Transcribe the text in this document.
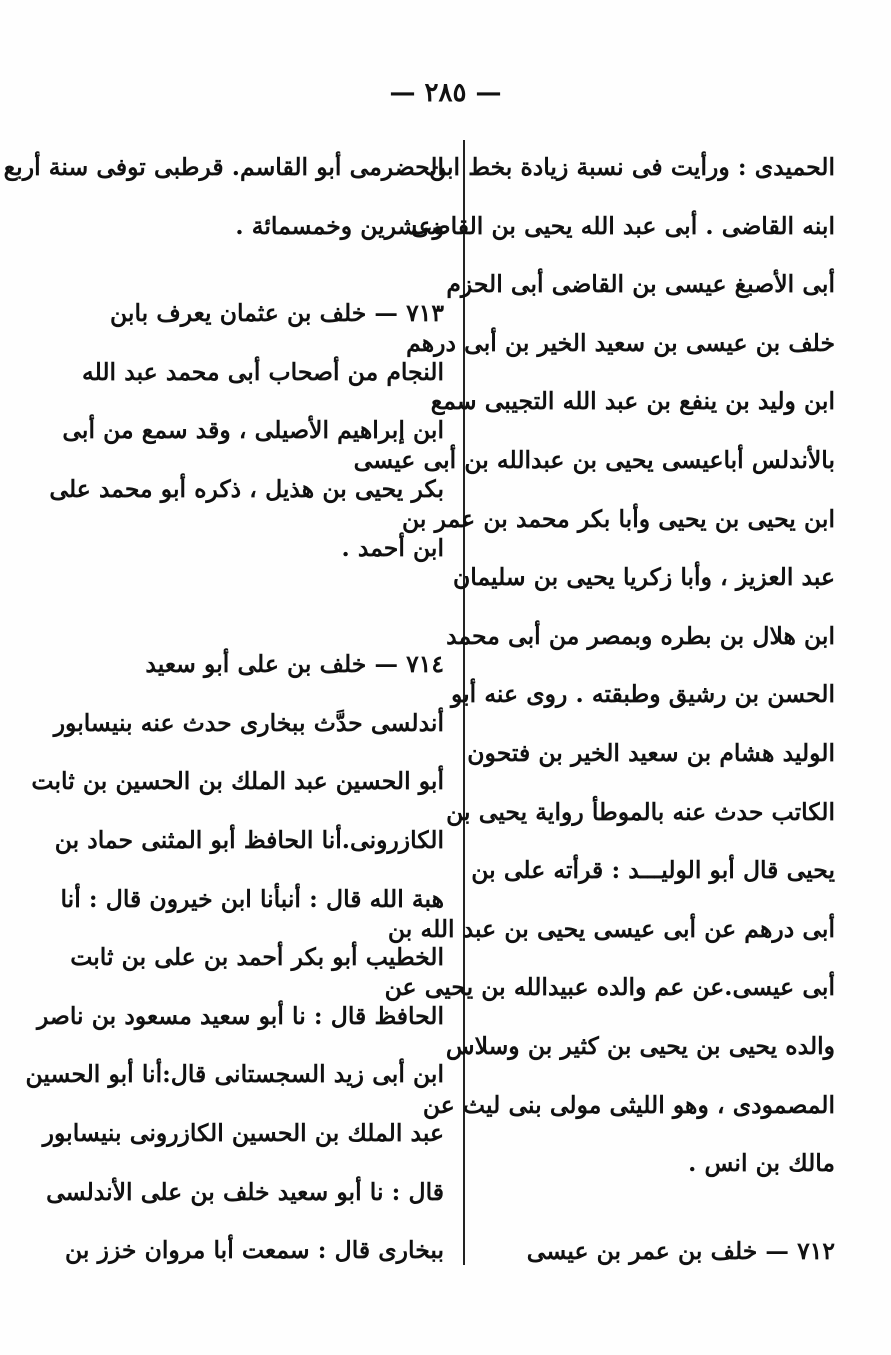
— ٢٨٥ —
الحميدى : ورأيت فى نسبة زيادة بخط ابن
ابنه القاضى . أبى عبد الله يحيى بن القاضى
أبى الأصبغ عيسى بن القاضى أبى الحزم
خلف بن عيسى بن سعيد الخير بن أبى درهم
ابن وليد بن ينفع بن عبد الله التجيبى سمع
بالأندلس أباعيسى يحيى بن عبدالله بن أبى عيسى
ابن يحيى بن يحيى وأبا بكر محمد بن عمر بن
عبد العزيز ، وأبا زكريا يحيى بن سليمان
ابن هلال بن بطره وبمصر من أبى محمد
الحسن بن رشيق وطبقته . روى عنه أبو
الوليد هشام بن سعيد الخير بن فتحون
الكاتب حدث عنه بالموطأ رواية يحيى بن
يحيى قال أبو الوليـــد : قرأته على بن
أبى درهم عن أبى عيسى يحيى بن عبد الله بن
أبى عيسى.عن عم والده عبيدالله بن يحيى عن
والده يحيى بن يحيى بن كثير بن وسلاس
المصمودى ، وهو الليثى مولى بنى ليث عن
مالك بن انس .
٧١٢ — خلف بن عمر بن عيسى
الحضرمى أبو القاسم. قرطبى توفى سنة أربع
وعشرين وخمسمائة .
٧١٣ — خلف بن عثمان يعرف بابن
النجام من أصحاب أبى محمد عبد الله
ابن إبراهيم الأصيلى ، وقد سمع من أبى
بكر يحيى بن هذيل ، ذكره أبو محمد على
ابن أحمد .
٧١٤ — خلف بن على أبو سعيد
أندلسى حدَّث ببخارى حدث عنه بنيسابور
أبو الحسين عبد الملك بن الحسين بن ثابت
الكازرونى.أنا الحافظ أبو المثنى حماد بن
هبة الله قال : أنبأنا ابن خيرون قال : أنا
الخطيب أبو بكر أحمد بن على بن ثابت
الحافظ قال : نا أبو سعيد مسعود بن ناصر
ابن أبى زيد السجستانى قال:أنا أبو الحسين
عبد الملك بن الحسين الكازرونى بنيسابور
قال : نا أبو سعيد خلف بن على الأندلسى
ببخارى قال : سمعت أبا مروان خزز بن
